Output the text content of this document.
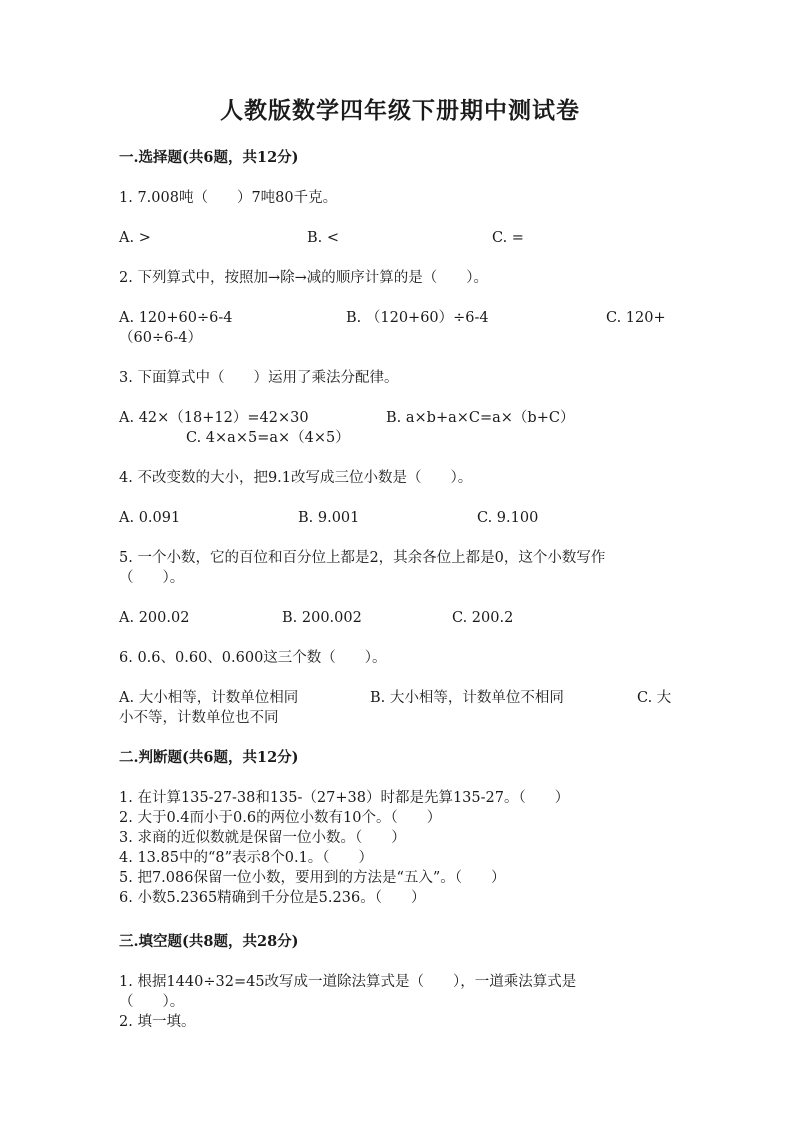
人教版数学四年级下册期中测试卷
一.选择题(共6题，共12分)
1. 7.008吨（　　）7吨80千克。
A. >	B. <	C. =
2. 下列算式中，按照加→除→减的顺序计算的是（　　）。
A. 120+60÷6-4	B. （120+60）÷6-4	C. 120+
（60÷6-4）
3. 下面算式中（　　）运用了乘法分配律。
A. 42×（18+12）=42×30	B. a×b+a×C=a×（b+C）
C. 4×a×5=a×（4×5）
4. 不改变数的大小，把9.1改写成三位小数是（　　）。
A. 0.091	B. 9.001	C. 9.100
5. 一个小数，它的百位和百分位上都是2，其余各位上都是0，这个小数写作
（　　）。
A. 200.02	B. 200.002	C. 200.2
6. 0.6、0.60、0.600这三个数（　　）。
A. 大小相等，计数单位相同	B. 大小相等，计数单位不相同	C. 大
小不等，计数单位也不同
二.判断题(共6题，共12分)
1. 在计算135-27-38和135-（27+38）时都是先算135-27。（　　）
2. 大于0.4而小于0.6的两位小数有10个。（　　）
3. 求商的近似数就是保留一位小数。（　　）
4. 13.85中的“8”表示8个0.1。（　　）
5. 把7.086保留一位小数，要用到的方法是“五入”。（　　）
6. 小数5.2365精确到千分位是5.236。（　　）
三.填空题(共8题，共28分)
1. 根据1440÷32=45改写成一道除法算式是（　　），一道乘法算式是
（　　）。
2. 填一填。
